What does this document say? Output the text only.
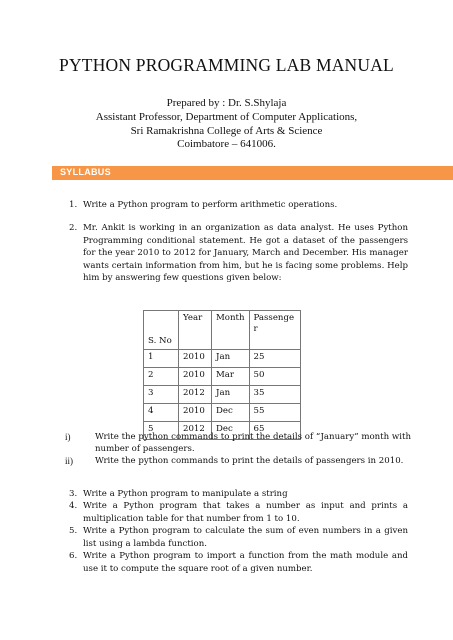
PYTHON PROGRAMMING LAB MANUAL
Prepared by : Dr. S.Shylaja
Assistant Professor, Department of Computer Applications,
Sri Ramakrishna College of Arts & Science
Coimbatore – 641006.
SYLLABUS
1. Write a Python program to perform arithmetic operations.
2. Mr. Ankit is working in an organization as data analyst. He uses Python Programming conditional statement. He got a dataset of the passengers for the year 2010 to 2012 for January, March and December. His manager wants certain information from him, but he is facing some problems. Help him by answering few questions given below:
S. No	Year	Month	Passenge
r
1	2010	Jan	25
2	2010	Mar	50
3	2012	Jan	35
4	2010	Dec	55
5	2012	Dec	65
i)	Write the python commands to print the details of “January” month with number of passengers.
ii)	Write the python commands to print the details of passengers in 2010.
3. Write a Python program to manipulate a string
4. Write a Python program that takes a number as input and prints a multiplication table for that number from 1 to 10.
5. Write a Python program to calculate the sum of even numbers in a given list using a lambda function.
6. Write a Python program to import a function from the math module and use it to compute the square root of a given number.
